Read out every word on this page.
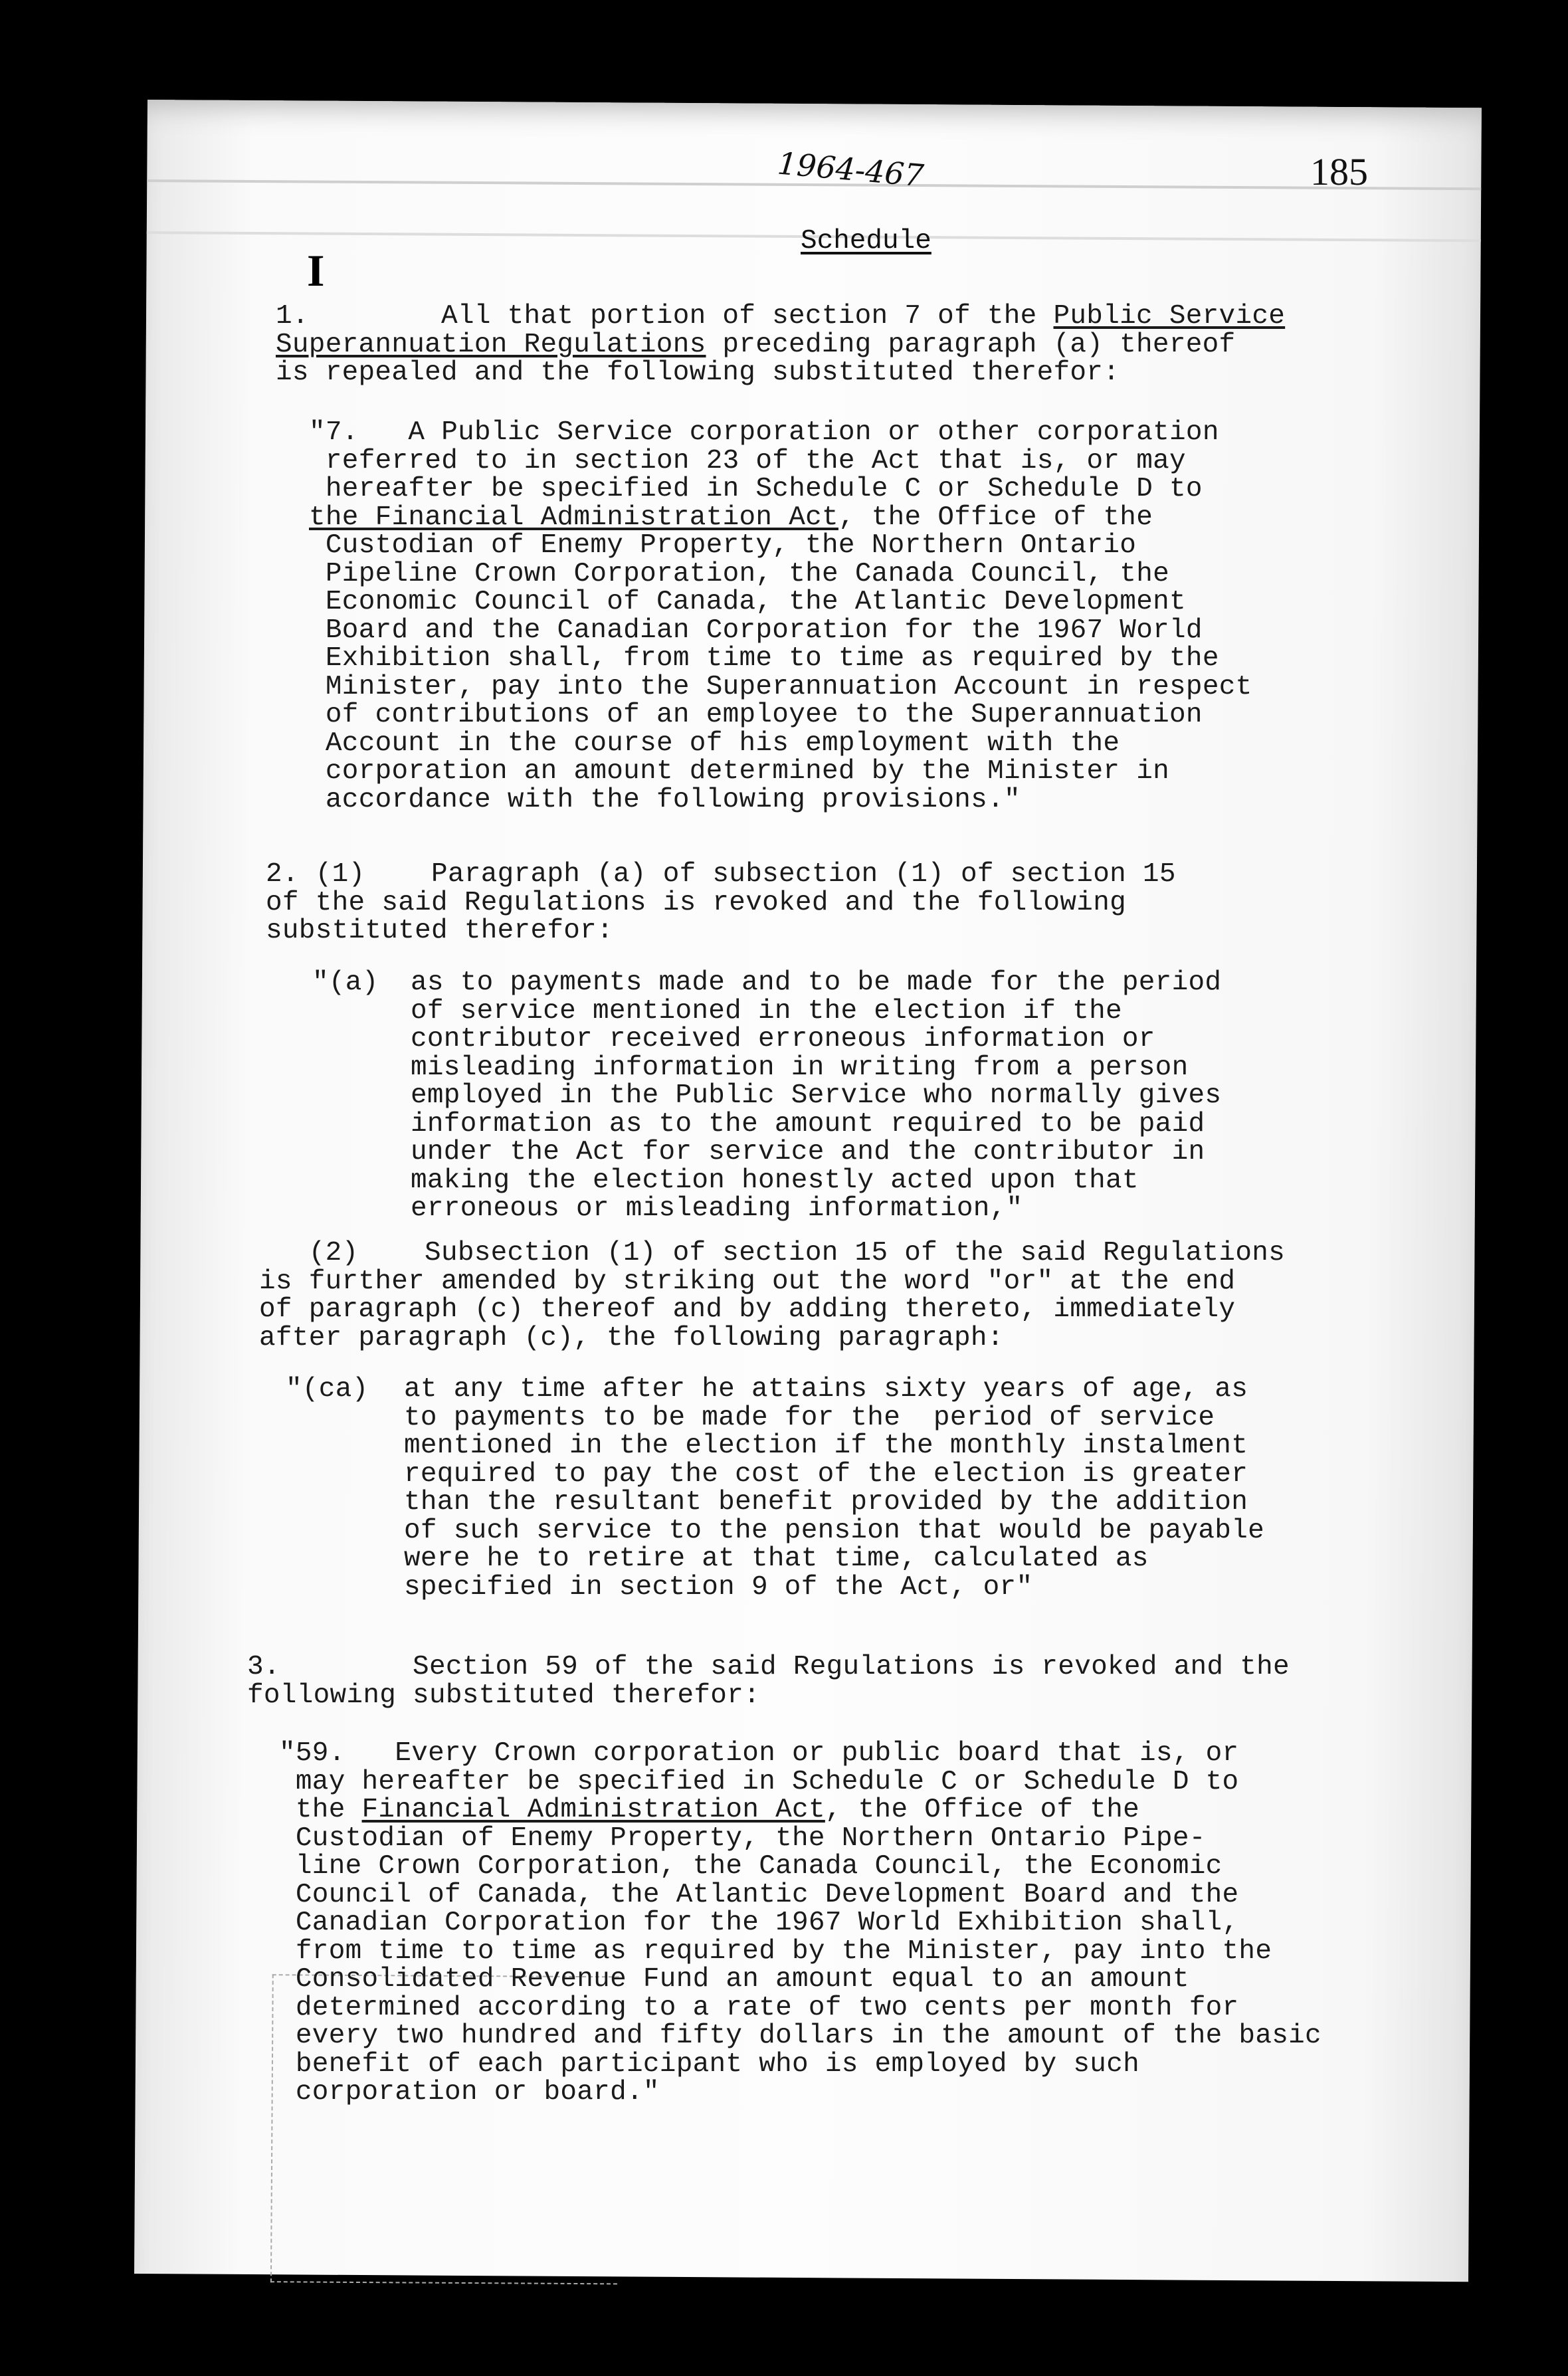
1964-467	185
I
Schedule
1.        All that portion of section 7 of the Public Service
Superannuation Regulations preceding paragraph (a) thereof
is repealed and the following substituted therefor:
"7.   A Public Service corporation or other corporation
referred to in section 23 of the Act that is, or may
hereafter be specified in Schedule C or Schedule D to
the Financial Administration Act, the Office of the
Custodian of Enemy Property, the Northern Ontario
Pipeline Crown Corporation, the Canada Council, the
Economic Council of Canada, the Atlantic Development
Board and the Canadian Corporation for the 1967 World
Exhibition shall, from time to time as required by the
Minister, pay into the Superannuation Account in respect
of contributions of an employee to the Superannuation
Account in the course of his employment with the
corporation an amount determined by the Minister in
accordance with the following provisions."
2. (1)    Paragraph (a) of subsection (1) of section 15
of the said Regulations is revoked and the following
substituted therefor:
"(a) as to payments made and to be made for the period
of service mentioned in the election if the
contributor received erroneous information or
misleading information in writing from a person
employed in the Public Service who normally gives
information as to the amount required to be paid
under the Act for service and the contributor in
making the election honestly acted upon that
erroneous or misleading information,"
(2)    Subsection (1) of section 15 of the said Regulations
is further amended by striking out the word "or" at the end
of paragraph (c) thereof and by adding thereto, immediately
after paragraph (c), the following paragraph:
"(ca) at any time after he attains sixty years of age, as
to payments to be made for the  period of service
mentioned in the election if the monthly instalment
required to pay the cost of the election is greater
than the resultant benefit provided by the addition
of such service to the pension that would be payable
were he to retire at that time, calculated as
specified in section 9 of the Act, or"
3.        Section 59 of the said Regulations is revoked and the
following substituted therefor:
"59.   Every Crown corporation or public board that is, or
may hereafter be specified in Schedule C or Schedule D to
the Financial Administration Act, the Office of the
Custodian of Enemy Property, the Northern Ontario Pipe-
line Crown Corporation, the Canada Council, the Economic
Council of Canada, the Atlantic Development Board and the
Canadian Corporation for the 1967 World Exhibition shall,
from time to time as required by the Minister, pay into the
Consolidated Revenue Fund an amount equal to an amount
determined according to a rate of two cents per month for
every two hundred and fifty dollars in the amount of the basic
benefit of each participant who is employed by such
corporation or board."
